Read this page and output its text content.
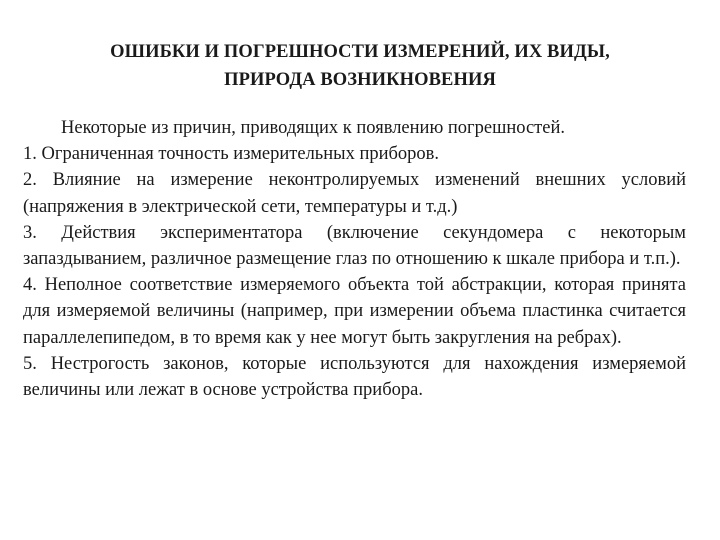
ОШИБКИ И ПОГРЕШНОСТИ ИЗМЕРЕНИЙ, ИХ ВИДЫ,
ПРИРОДА ВОЗНИКНОВЕНИЯ

Некоторые из причин, приводящих к появлению погрешностей.

1. Ограниченная точность измерительных приборов.

2. Влияние на измерение неконтролируемых изменений внешних условий (напряжения в электрической сети, температуры и т.д.)

3. Действия экспериментатора (включение секундомера с некоторым запаздыванием, различное размещение глаз по отношению к шкале прибора и т.п.).

4. Неполное соответствие измеряемого объекта той абстракции, которая принята для измеряемой величины (например, при измерении объема пластинка считается параллелепипедом, в то время как у нее могут быть закругления на ребрах).

5. Нестрогость законов, которые используются для нахождения измеряемой величины или лежат в основе устройства прибора.
